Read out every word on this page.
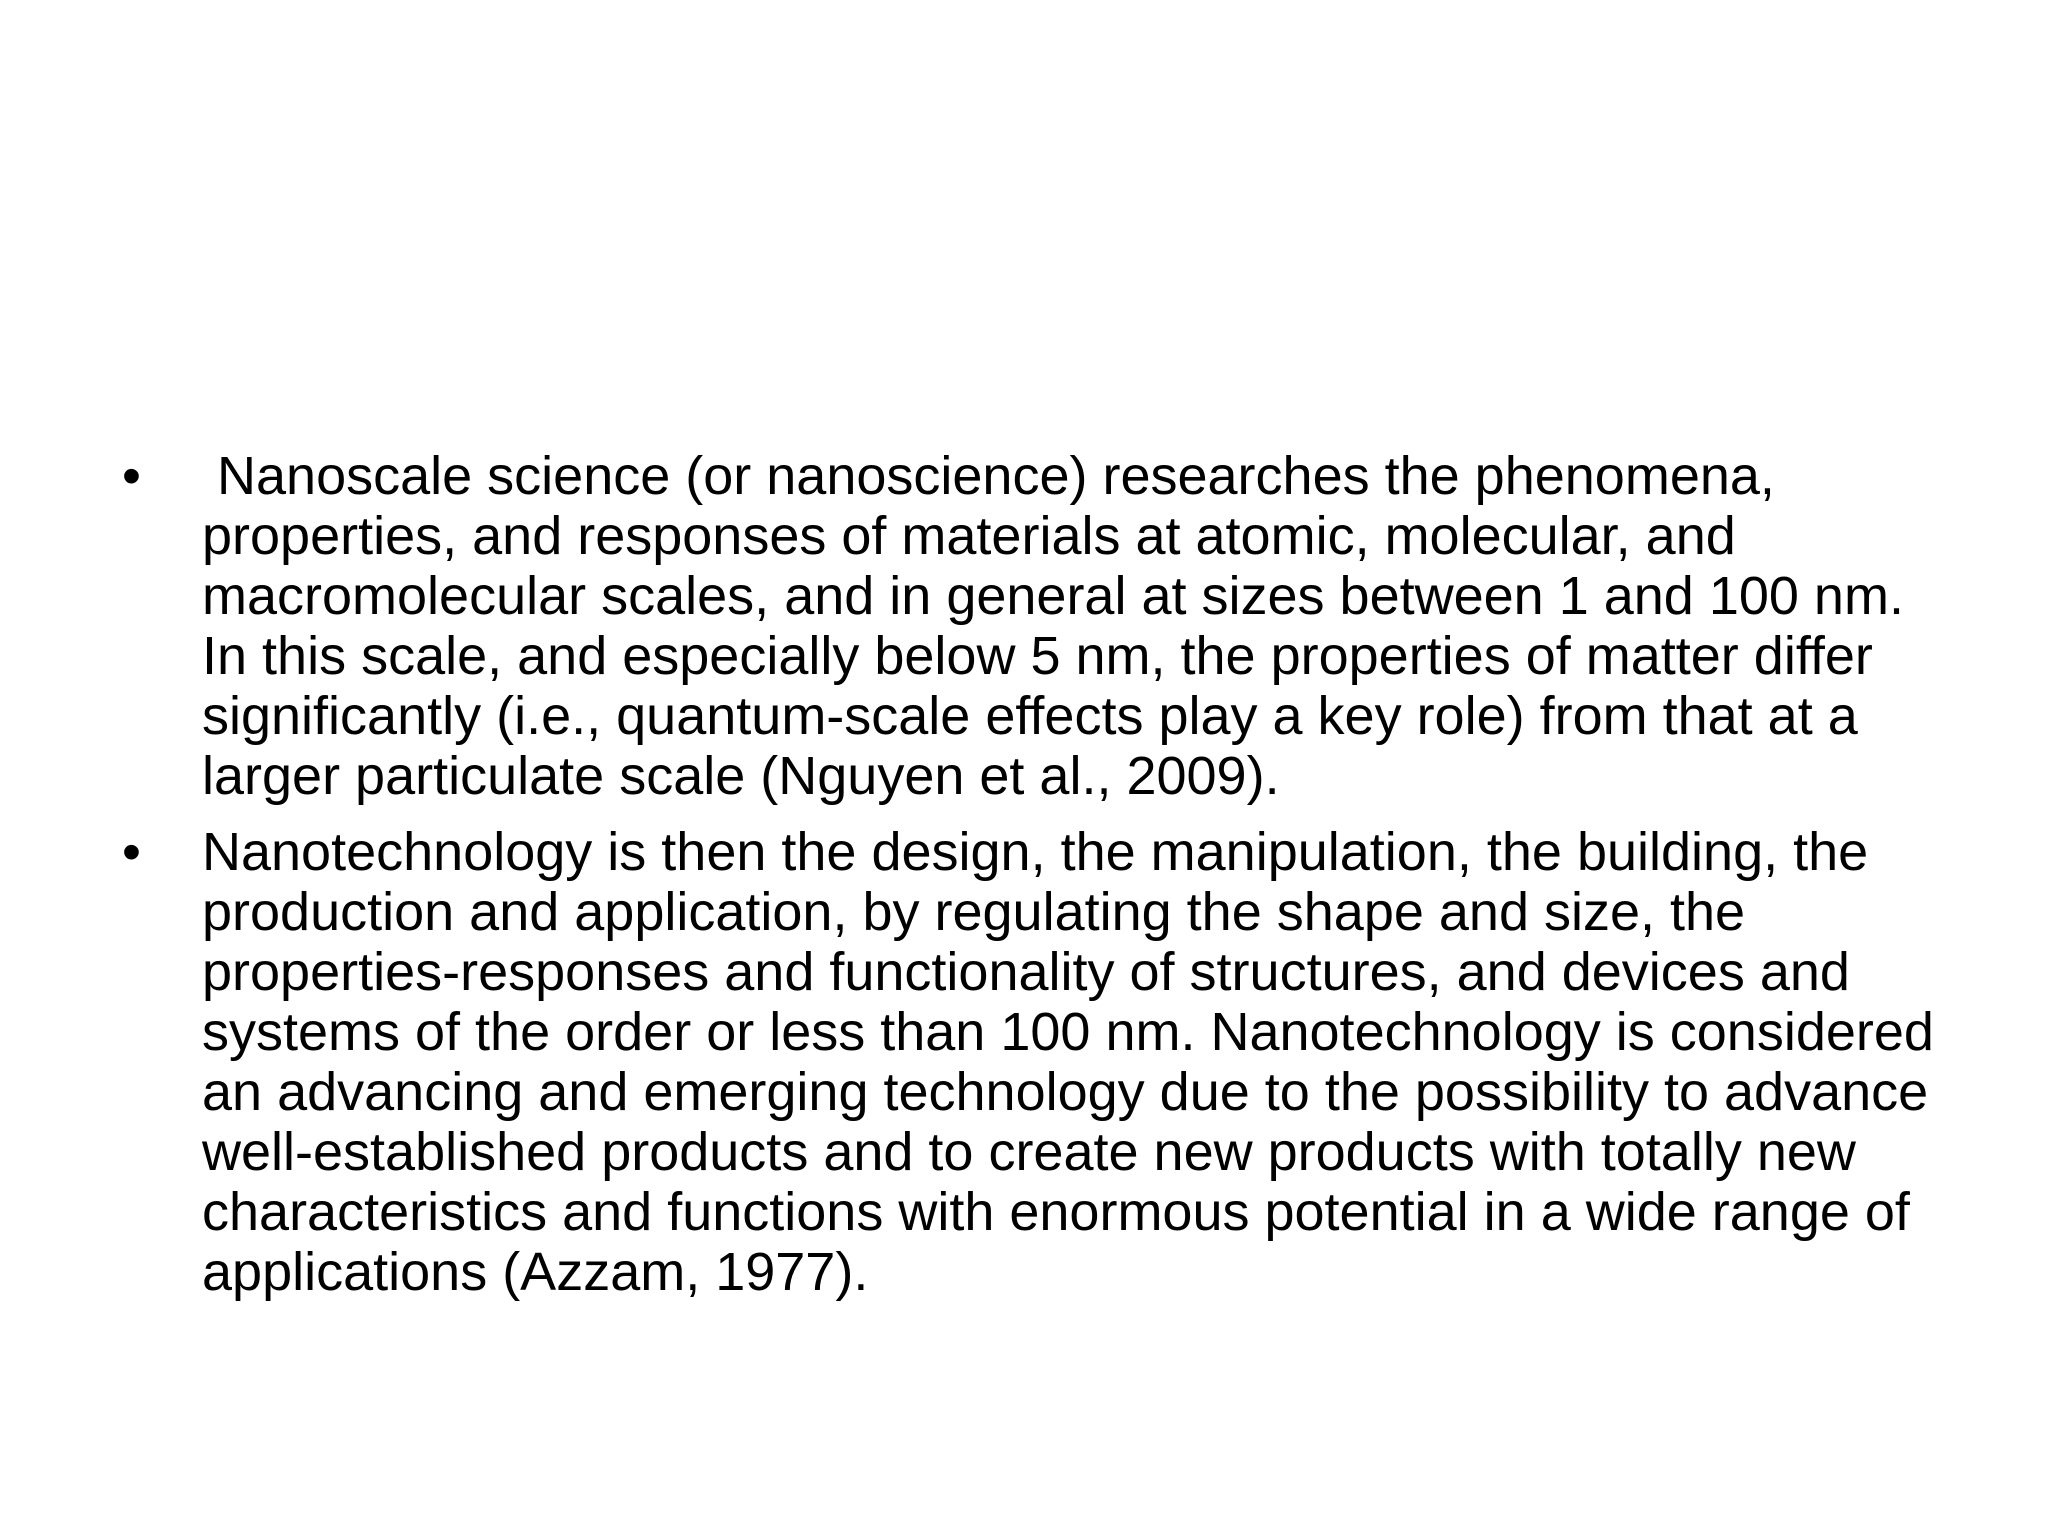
•	Nanoscale science (or nanoscience) researches the phenomena, properties, and responses of materials at atomic, molecular, and macromolecular scales, and in general at sizes between 1 and 100 nm. In this scale, and especially below 5 nm, the properties of matter differ significantly (i.e., quantum-scale effects play a key role) from that at a larger particulate scale (Nguyen et al., 2009).
•	Nanotechnology is then the design, the manipulation, the building, the production and application, by regulating the shape and size, the properties-responses and functionality of structures, and devices and systems of the order or less than 100 nm. Nanotechnology is considered an advancing and emerging technology due to the possibility to advance well-established products and to create new products with totally new characteristics and functions with enormous potential in a wide range of applications (Azzam, 1977).
